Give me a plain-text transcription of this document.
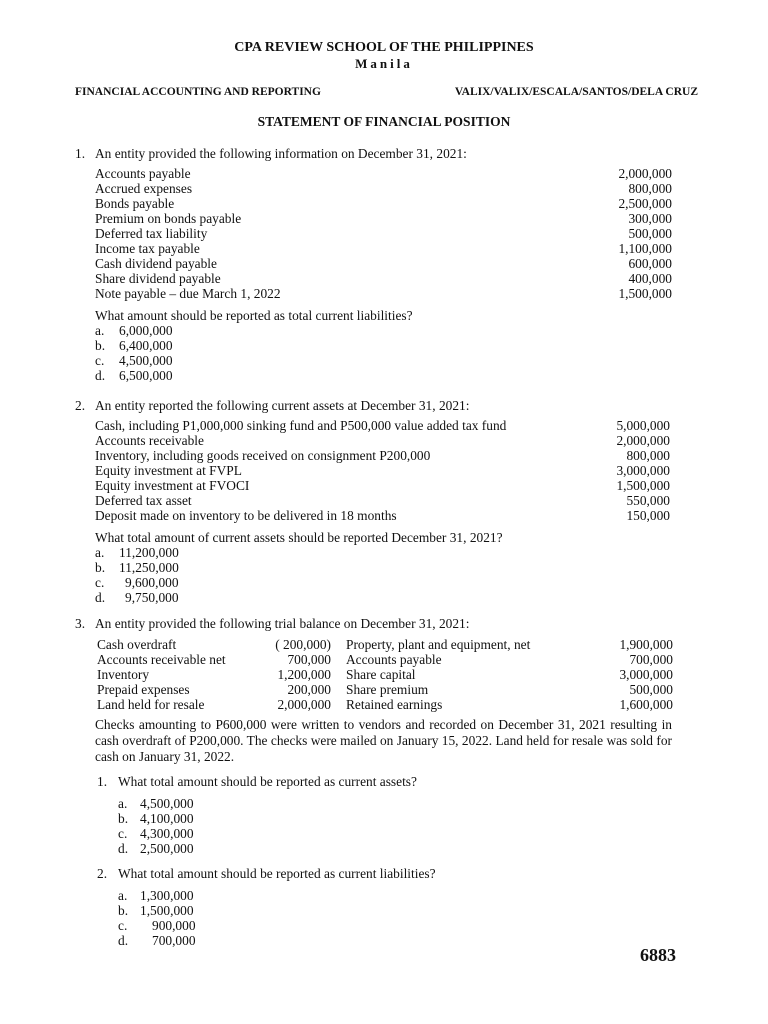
CPA REVIEW SCHOOL OF THE PHILIPPINES
Manila
FINANCIAL ACCOUNTING AND REPORTING	VALIX/VALIX/ESCALA/SANTOS/DELA CRUZ
STATEMENT OF FINANCIAL POSITION
1. An entity provided the following information on December 31, 2021:
Accounts payable	2,000,000
Accrued expenses	800,000
Bonds payable	2,500,000
Premium on bonds payable	300,000
Deferred tax liability	500,000
Income tax payable	1,100,000
Cash dividend payable	600,000
Share dividend payable	400,000
Note payable – due March 1, 2022	1,500,000
What amount should be reported as total current liabilities?
a. 6,000,000
b. 6,400,000
c. 4,500,000
d. 6,500,000
2. An entity reported the following current assets at December 31, 2021:
Cash, including P1,000,000 sinking fund and P500,000 value added tax fund	5,000,000
Accounts receivable	2,000,000
Inventory, including goods received on consignment P200,000	800,000
Equity investment at FVPL	3,000,000
Equity investment at FVOCI	1,500,000
Deferred tax asset	550,000
Deposit made on inventory to be delivered in 18 months	150,000
What total amount of current assets should be reported December 31, 2021?
a. 11,200,000
b. 11,250,000
c. 9,600,000
d. 9,750,000
3. An entity provided the following trial balance on December 31, 2021:
Cash overdraft	( 200,000) Property, plant and equipment, net	1,900,000
Accounts receivable net	700,000 Accounts payable	700,000
Inventory	1,200,000 Share capital	3,000,000
Prepaid expenses	200,000 Share premium	500,000
Land held for resale	2,000,000 Retained earnings	1,600,000
Checks amounting to P600,000 were written to vendors and recorded on December 31, 2021 resulting in cash overdraft of P200,000. The checks were mailed on January 15, 2022. Land held for resale was sold for cash on January 31, 2022.
1. What total amount should be reported as current assets?
a. 4,500,000
b. 4,100,000
c. 4,300,000
d. 2,500,000
2. What total amount should be reported as current liabilities?
a. 1,300,000
b. 1,500,000
c. 900,000
d. 700,000
6883
